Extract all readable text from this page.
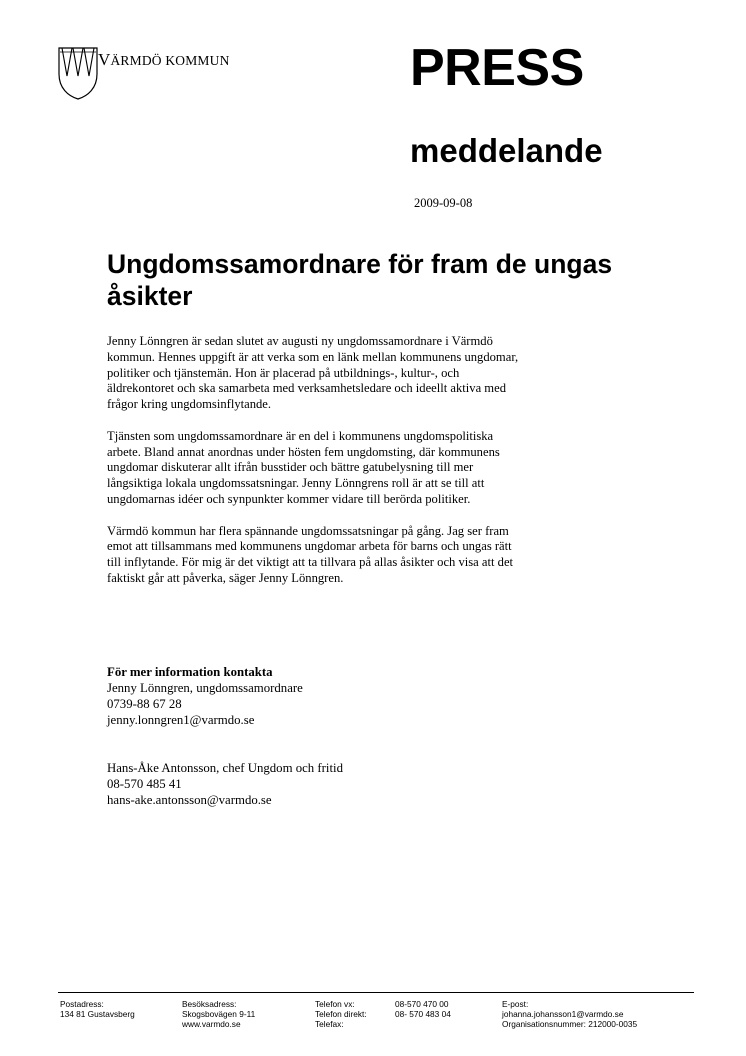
VÄRMDÖ KOMMUN	PRESS
meddelande
2009-09-08
Ungdomssamordnare för fram de ungas åsikter

Jenny Lönngren är sedan slutet av augusti ny ungdomssamordnare i Värmdö
kommun. Hennes uppgift är att verka som en länk mellan kommunens ungdomar,
politiker och tjänstemän. Hon är placerad på utbildnings-, kultur-, och
äldrekontoret och ska samarbeta med verksamhetsledare och ideellt aktiva med
frågor kring ungdomsinflytande.

Tjänsten som ungdomssamordnare är en del i kommunens ungdomspolitiska
arbete. Bland annat anordnas under hösten fem ungdomsting, där kommunens
ungdomar diskuterar allt ifrån busstider och bättre gatubelysning till mer
långsiktiga lokala ungdomssatsningar. Jenny Lönngrens roll är att se till att
ungdomarnas idéer och synpunkter kommer vidare till berörda politiker.

Värmdö kommun har flera spännande ungdomssatsningar på gång. Jag ser fram
emot att tillsammans med kommunens ungdomar arbeta för barns och ungas rätt
till inflytande. För mig är det viktigt att ta tillvara på allas åsikter och visa att det
faktiskt går att påverka, säger Jenny Lönngren.

För mer information kontakta
Jenny Lönngren, ungdomssamordnare
0739-88 67 28
jenny.lonngren1@varmdo.se
Hans-Åke Antonsson, chef Ungdom och fritid
08-570 485 41
hans-ake.antonsson@varmdo.se
Postadress:
134 81 Gustavsberg
Besöksadress:
Skogsbovägen 9-11
www.varmdo.se
Telefon vx:
Telefon direkt:
Telefax:
08-570 470 00
08- 570 483 04
E-post:
johanna.johansson1@varmdo.se
Organisationsnummer: 212000-0035
